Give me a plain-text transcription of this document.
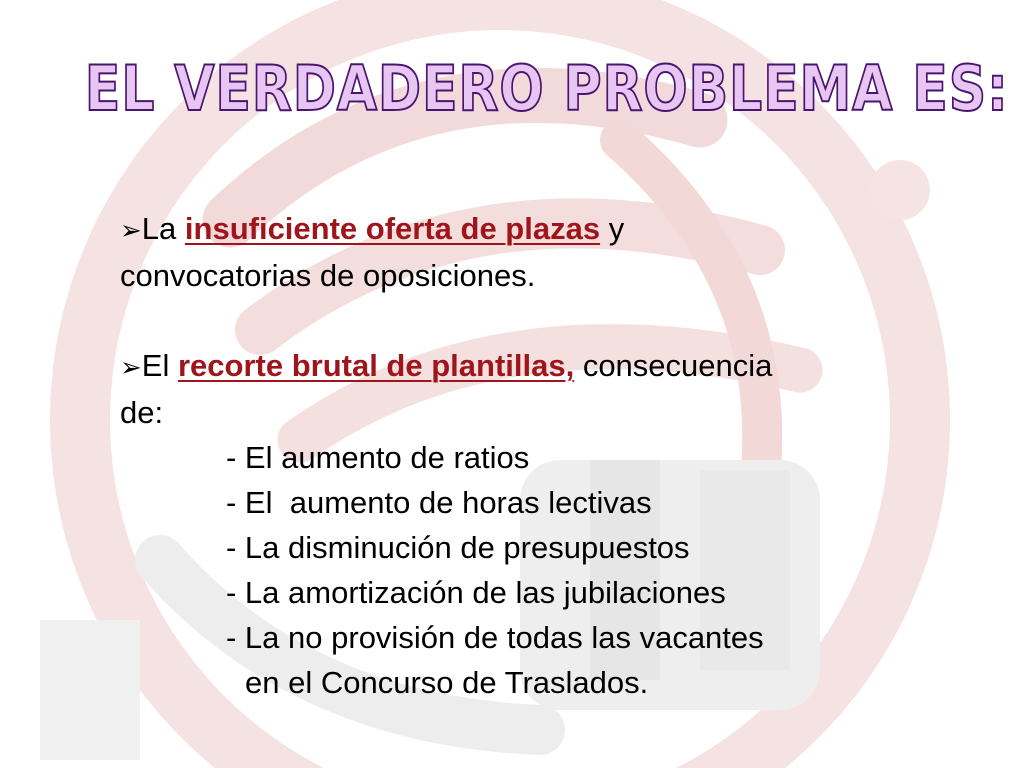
EL VERDADERO PROBLEMA ES:
➢La insuficiente oferta de plazas y
convocatorias de oposiciones.
➢El recorte brutal de plantillas, consecuencia
de:
- El aumento de ratios
- El  aumento de horas lectivas
- La disminución de presupuestos
- La amortización de las jubilaciones
- La no provisión de todas las vacantes
en el Concurso de Traslados.
